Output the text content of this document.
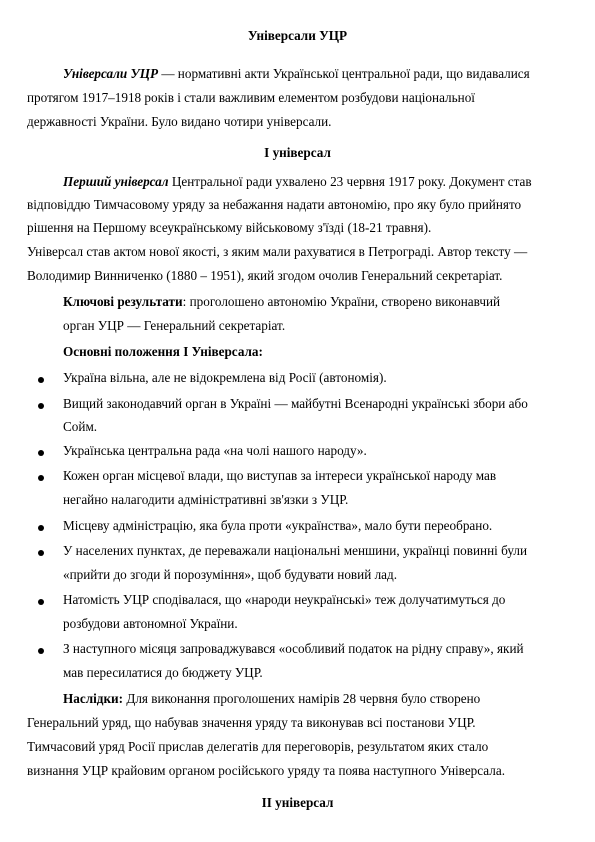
Універсали УЦР
Універсали УЦР — нормативні акти Української центральної ради, що видавалися
протягом 1917–1918 років і стали важливим елементом розбудови національної
державності України. Було видано чотири універсали.
I універсал
Перший універсал Центральної ради ухвалено 23 червня 1917 року. Документ став
відповіддю Тимчасовому уряду за небажання надати автономію, про яку було прийнято
рішення на Першому всеукраїнському військовому з'їзді (18-21 травня).
Універсал став актом нової якості, з яким мали рахуватися в Петрограді. Автор тексту —
Володимир Винниченко (1880 – 1951), який згодом очолив Генеральний секретаріат.
Ключові результати: проголошено автономію України, створено виконавчий
орган УЦР — Генеральний секретаріат.
Основні положення I Універсала:
Україна вільна, але не відокремлена від Росії (автономія).
Вищий законодавчий орган в Україні — майбутні Всенародні українські збори або
Сойм.
Українська центральна рада «на чолі нашого народу».
Кожен орган місцевої влади, що виступав за інтереси української народу мав
негайно налагодити адміністративні зв'язки з УЦР.
Місцеву адміністрацію, яка була проти «українства», мало бути переобрано.
У населених пунктах, де переважали національні меншини, українці повинні були
«прийти до згоди й порозуміння», щоб будувати новий лад.
Натомість УЦР сподівалася, що «народи неукраїнські» теж долучатимуться до
розбудови автономної України.
З наступного місяця запроваджувався «особливий податок на рідну справу», який
мав пересилатися до бюджету УЦР.
Наслідки: Для виконання проголошених намірів 28 червня було створено
Генеральний уряд, що набував значення уряду та виконував всі постанови УЦР.
Тимчасовий уряд Росії прислав делегатів для переговорів, результатом яких стало
визнання УЦР крайовим органом російського уряду та поява наступного Універсала.
II універсал
